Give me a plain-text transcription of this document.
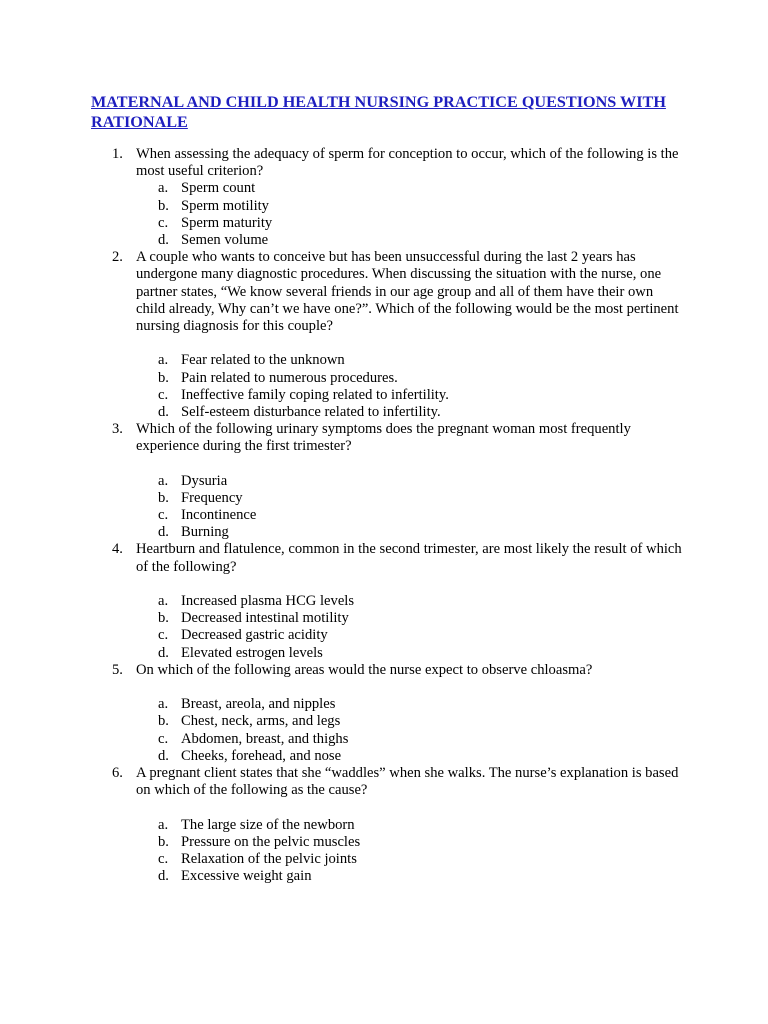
MATERNAL AND CHILD HEALTH NURSING PRACTICE QUESTIONS WITH RATIONALE
1. When assessing the adequacy of sperm for conception to occur, which of the following is the most useful criterion?
a. Sperm count
b. Sperm motility
c. Sperm maturity
d. Semen volume
2. A couple who wants to conceive but has been unsuccessful during the last 2 years has undergone many diagnostic procedures. When discussing the situation with the nurse, one partner states, “We know several friends in our age group and all of them have their own child already, Why can’t we have one?”. Which of the following would be the most pertinent nursing diagnosis for this couple?
a. Fear related to the unknown
b. Pain related to numerous procedures.
c. Ineffective family coping related to infertility.
d. Self-esteem disturbance related to infertility.
3. Which of the following urinary symptoms does the pregnant woman most frequently experience during the first trimester?
a. Dysuria
b. Frequency
c. Incontinence
d. Burning
4. Heartburn and flatulence, common in the second trimester, are most likely the result of which of the following?
a. Increased plasma HCG levels
b. Decreased intestinal motility
c. Decreased gastric acidity
d. Elevated estrogen levels
5. On which of the following areas would the nurse expect to observe chloasma?
a. Breast, areola, and nipples
b. Chest, neck, arms, and legs
c. Abdomen, breast, and thighs
d. Cheeks, forehead, and nose
6. A pregnant client states that she “waddles” when she walks. The nurse’s explanation is based on which of the following as the cause?
a. The large size of the newborn
b. Pressure on the pelvic muscles
c. Relaxation of the pelvic joints
d. Excessive weight gain
